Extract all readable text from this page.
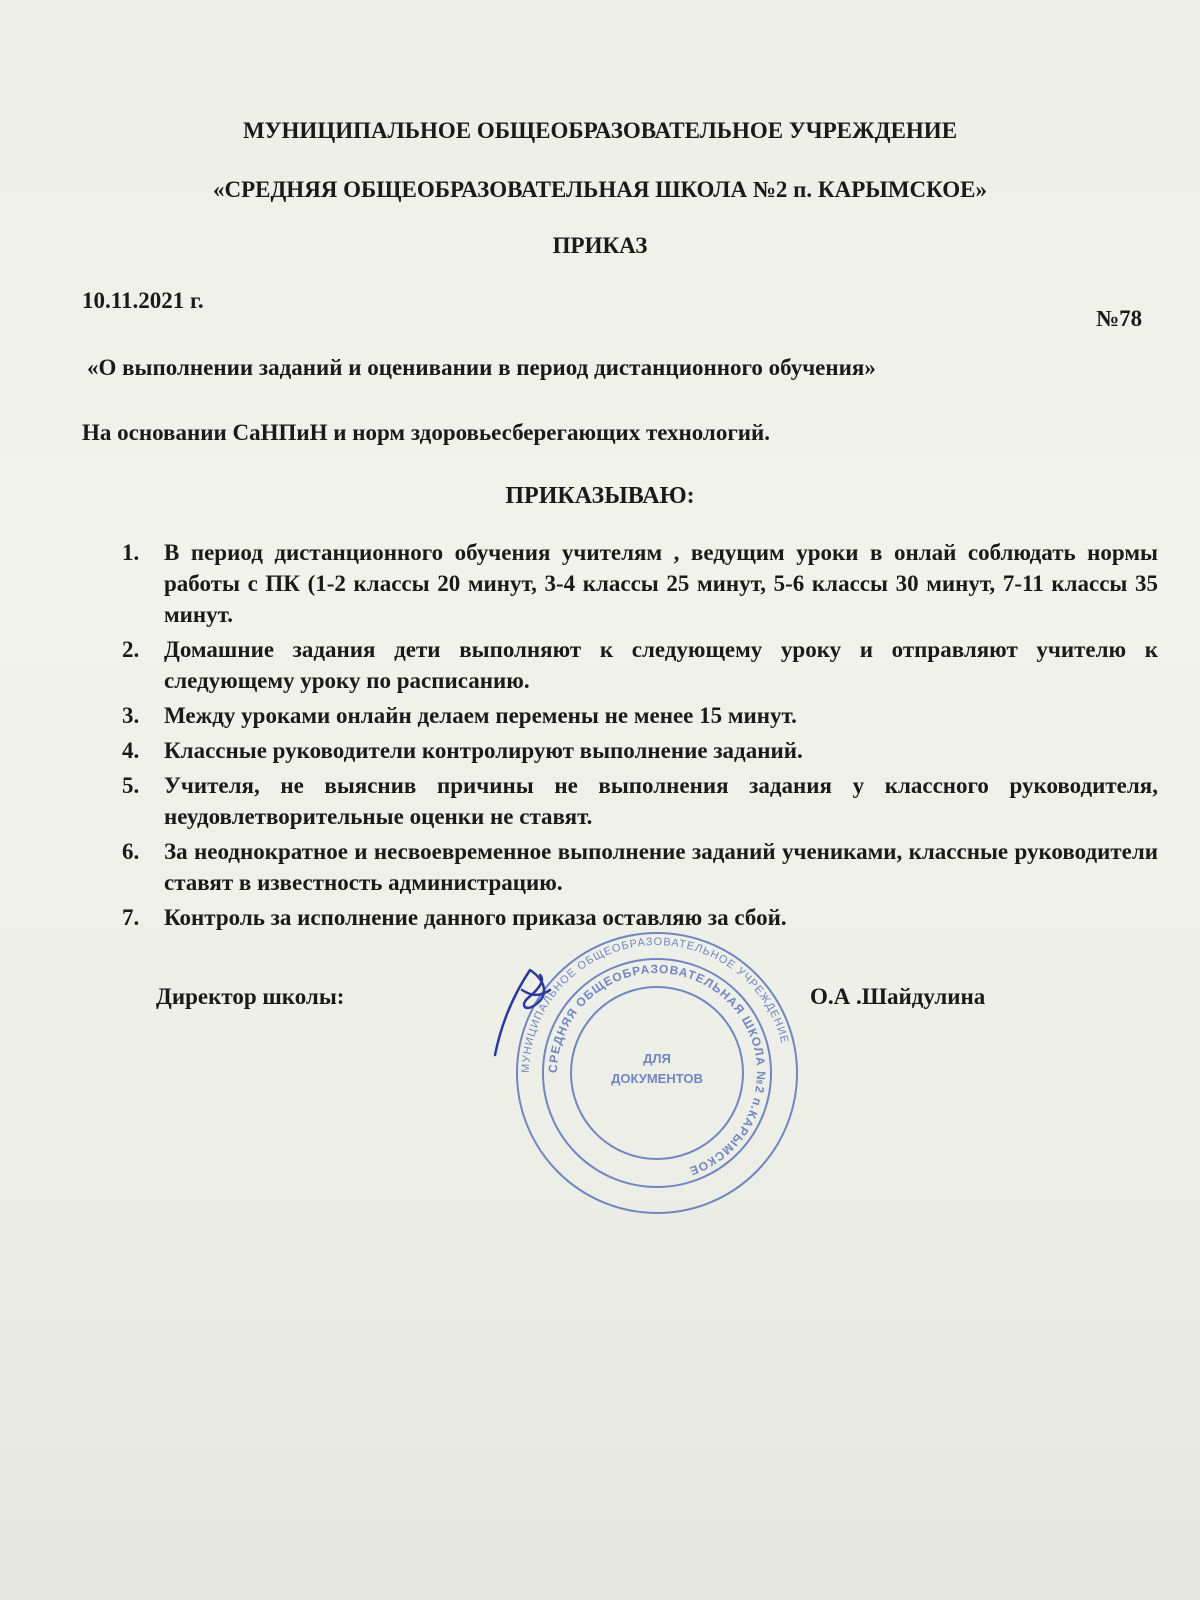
МУНИЦИПАЛЬНОЕ ОБЩЕОБРАЗОВАТЕЛЬНОЕ УЧРЕЖДЕНИЕ
«СРЕДНЯЯ ОБЩЕОБРАЗОВАТЕЛЬНАЯ ШКОЛА №2 п. КАРЫМСКОЕ»
ПРИКАЗ
10.11.2021 г.
№78
«О выполнении заданий и оценивании в период дистанционного обучения»
На основании СаНПиН и норм здоровьесберегающих технологий.
ПРИКАЗЫВАЮ:
1. В период дистанционного обучения учителям , ведущим уроки в онлай соблюдать нормы работы с ПК (1-2 классы 20 минут, 3-4 классы 25 минут, 5-6 классы 30 минут, 7-11 классы 35 минут.
2. Домашние задания дети выполняют к следующему уроку и отправляют учителю к следующему уроку по расписанию.
3. Между уроками онлайн делаем перемены не менее 15 минут.
4. Классные руководители контролируют выполнение заданий.
5. Учителя, не выяснив причины не выполнения задания у классного руководителя, неудовлетворительные оценки не ставят.
6. За неоднократное и несвоевременное выполнение заданий учениками, классные руководители ставят в известность администрацию.
7. Контроль за исполнение данного приказа оставляю за сбой.
Директор школы:	О.А .Шайдулина
МУНИЦИПАЛЬНОЕ ОБЩЕОБРАЗОВАТЕЛЬНОЕ УЧРЕЖДЕНИЕ
СРЕДНЯЯ ОБЩЕОБРАЗОВАТЕЛЬНАЯ ШКОЛА №2 п.КАРЫМСКОЕ
ДЛЯ
ДОКУМЕНТОВ
